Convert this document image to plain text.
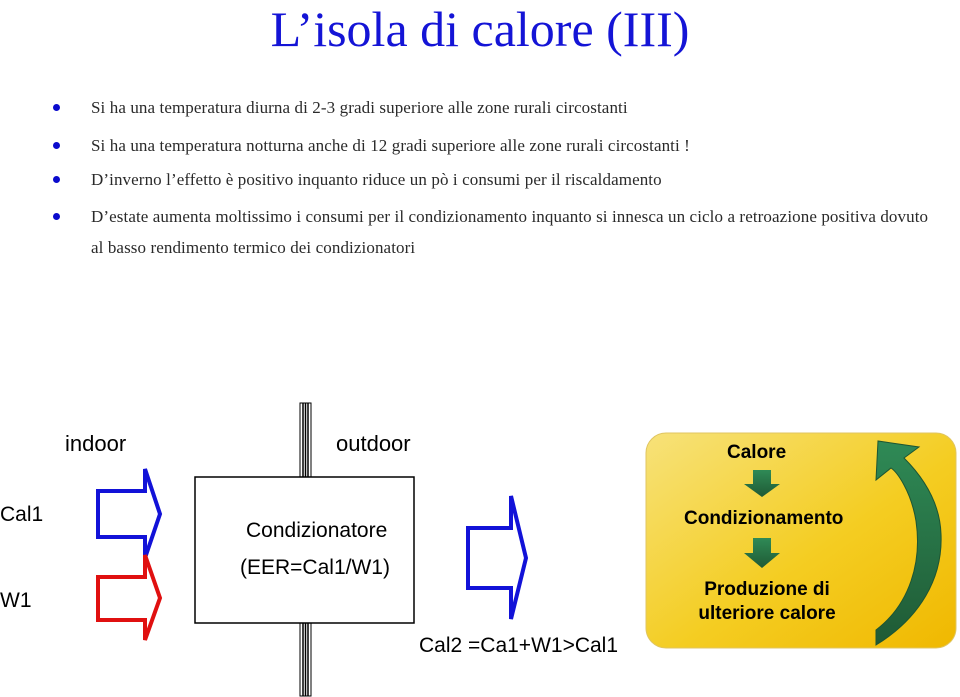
L’isola di calore (III)
Si ha una temperatura diurna di 2-3 gradi superiore alle zone rurali circostanti
Si ha una temperatura notturna anche di 12 gradi superiore alle zone rurali circostanti !
D’inverno l’effetto è positivo inquanto riduce un pò i consumi per il riscaldamento
D’estate aumenta moltissimo i consumi per il condizionamento inquanto si innesca un ciclo a retroazione positiva dovuto al basso rendimento termico dei condizionatori
indoor	outdoor
Cal1
W1
Condizionatore
(EER=Cal1/W1)
Cal2 =Ca1+W1>Cal1
Calore
Condizionamento
Produzione di ulteriore calore
